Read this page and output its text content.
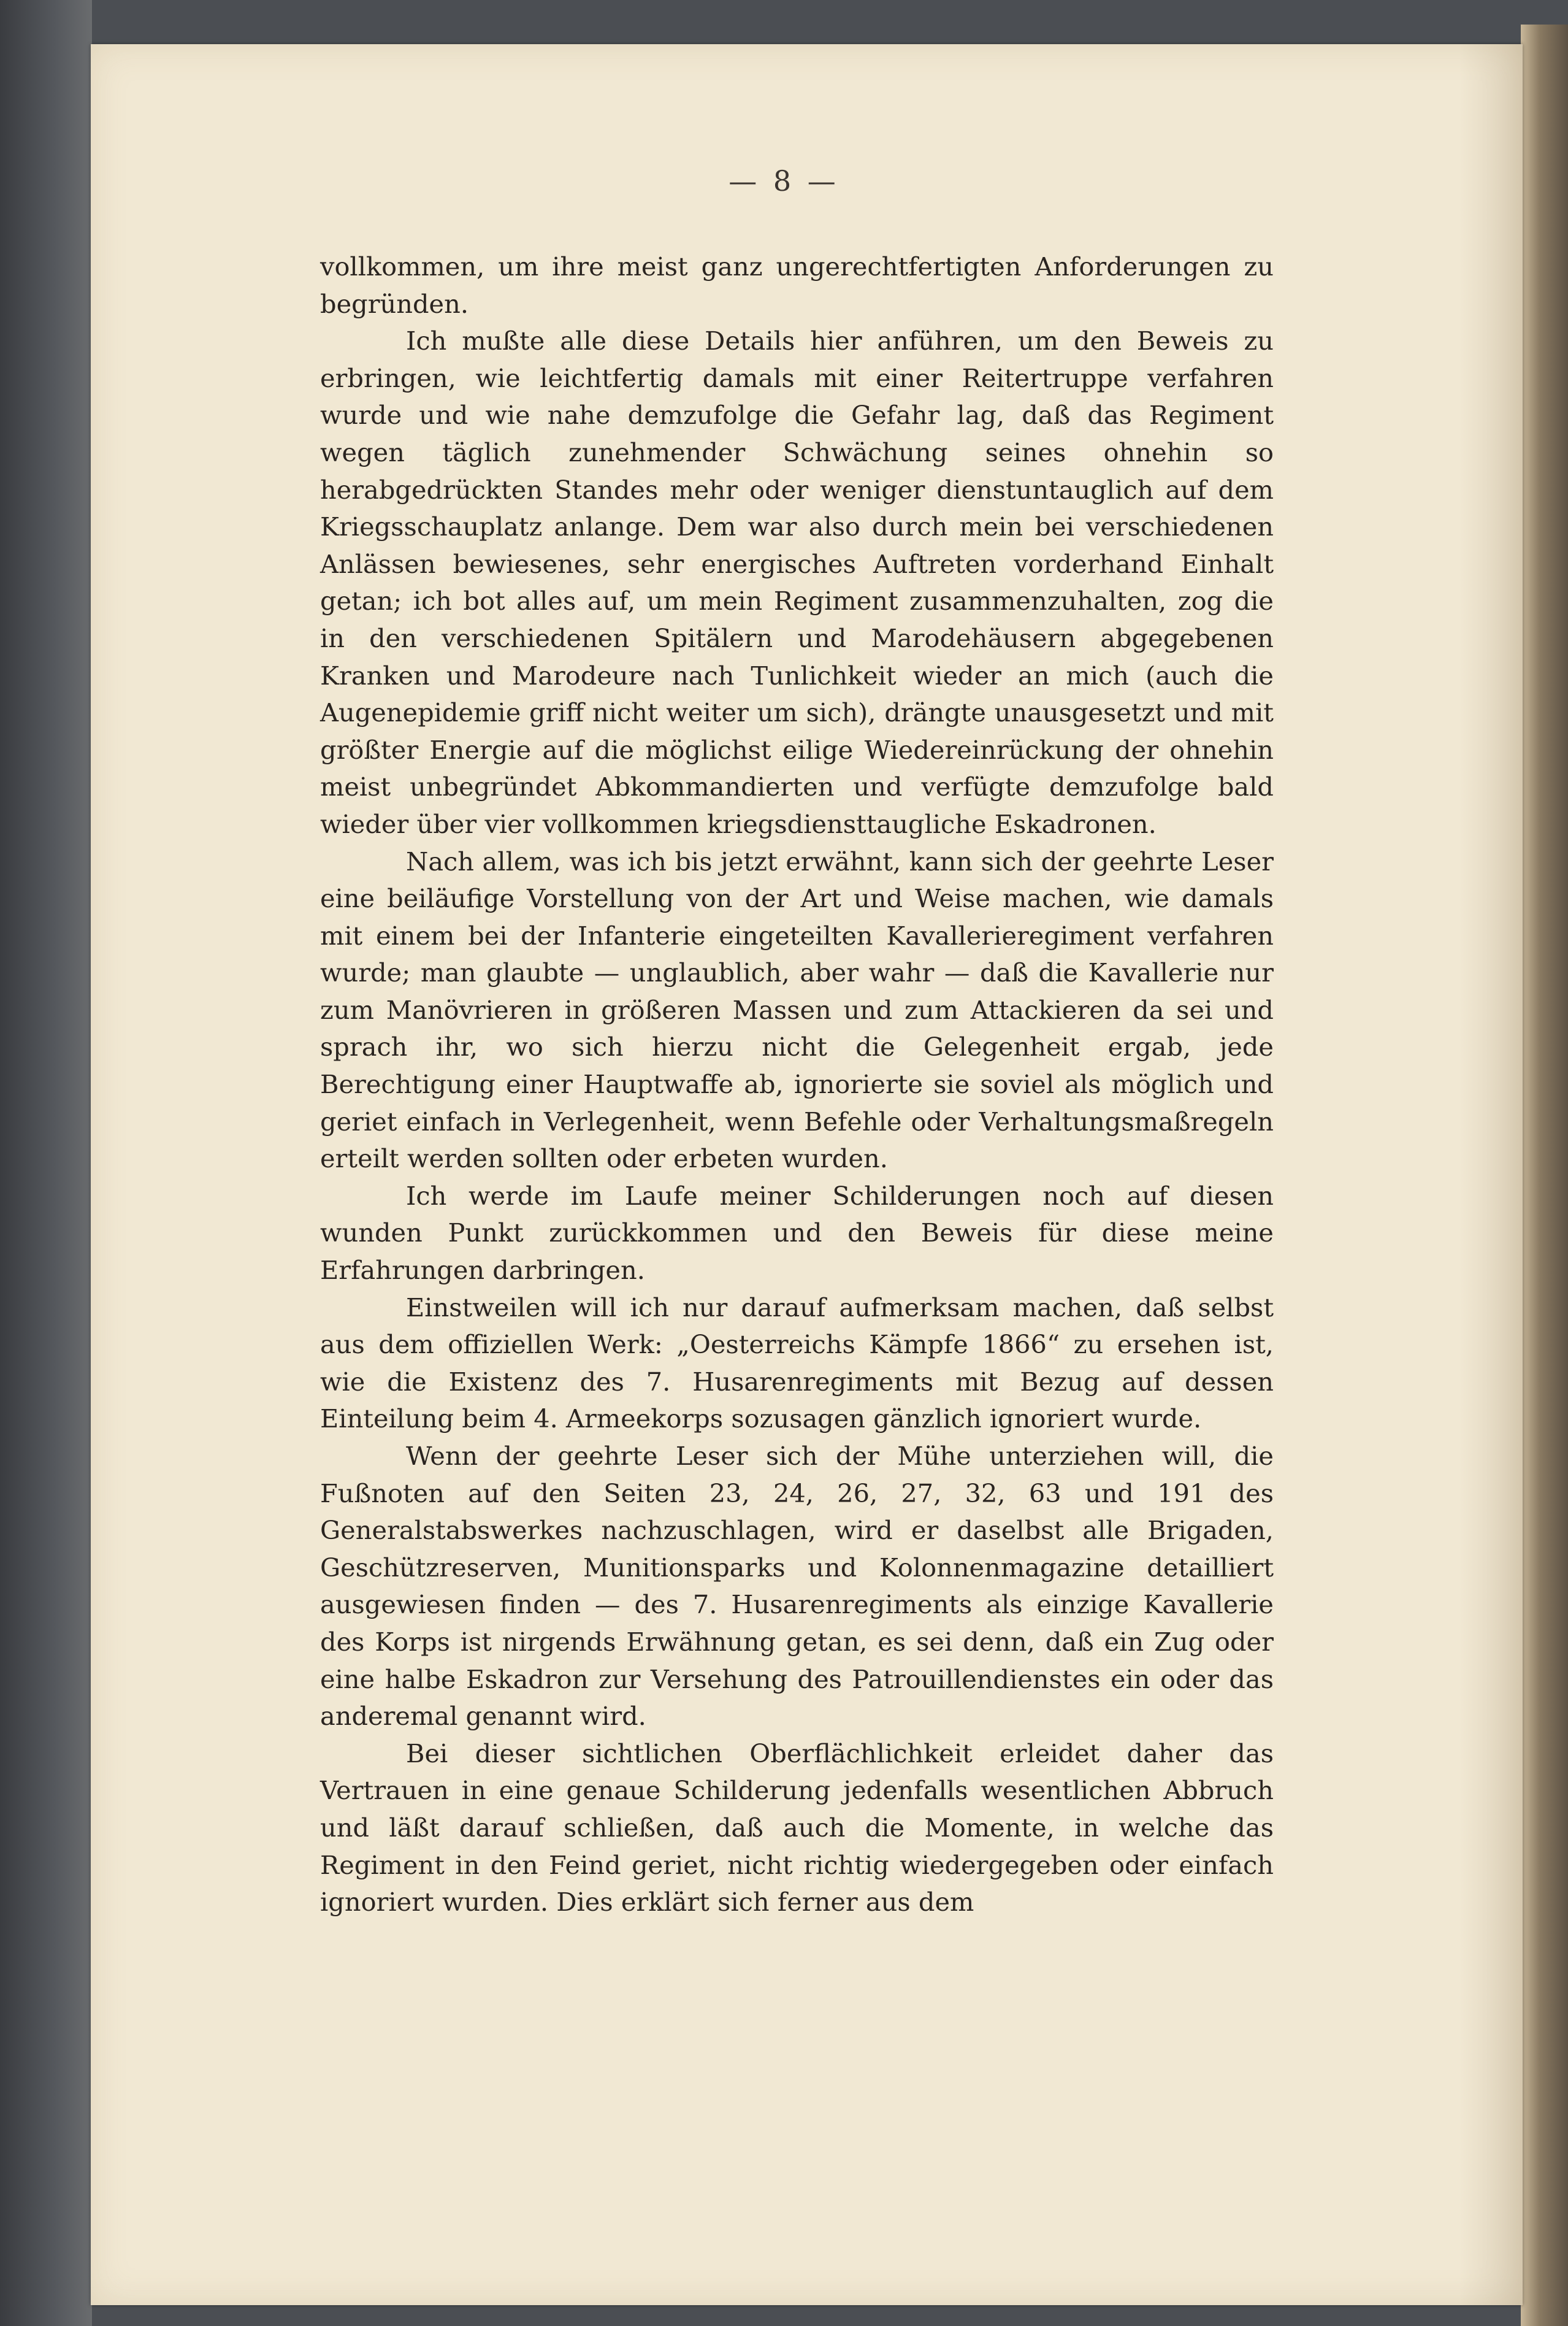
— 8 —

vollkommen, um ihre meist ganz ungerechtfertigten Anforderungen zu begründen.

Ich mußte alle diese Details hier anführen, um den Beweis zu erbringen, wie leichtfertig damals mit einer Reitertruppe verfahren wurde und wie nahe demzufolge die Gefahr lag, daß das Regiment wegen täglich zunehmender Schwächung seines ohnehin so herabgedrückten Standes mehr oder weniger dienstuntauglich auf dem Kriegsschauplatz anlange. Dem war also durch mein bei verschiedenen Anlässen bewiesenes, sehr energisches Auftreten vorderhand Einhalt getan; ich bot alles auf, um mein Regiment zusammenzuhalten, zog die in den verschiedenen Spitälern und Marodehäusern abgegebenen Kranken und Marodeure nach Tunlichkeit wieder an mich (auch die Augenepidemie griff nicht weiter um sich), drängte unausgesetzt und mit größter Energie auf die möglichst eilige Wiedereinrückung der ohnehin meist unbegründet Abkommandierten und verfügte demzufolge bald wieder über vier vollkommen kriegsdiensttaugliche Eskadronen.

Nach allem, was ich bis jetzt erwähnt, kann sich der geehrte Leser eine beiläufige Vorstellung von der Art und Weise machen, wie damals mit einem bei der Infanterie eingeteilten Kavallerieregiment verfahren wurde; man glaubte — unglaublich, aber wahr — daß die Kavallerie nur zum Manövrieren in größeren Massen und zum Attackieren da sei und sprach ihr, wo sich hierzu nicht die Gelegenheit ergab, jede Berechtigung einer Hauptwaffe ab, ignorierte sie soviel als möglich und geriet einfach in Verlegenheit, wenn Befehle oder Verhaltungsmaßregeln erteilt werden sollten oder erbeten wurden.

Ich werde im Laufe meiner Schilderungen noch auf diesen wunden Punkt zurückkommen und den Beweis für diese meine Erfahrungen darbringen.

Einstweilen will ich nur darauf aufmerksam machen, daß selbst aus dem offiziellen Werk: „Oesterreichs Kämpfe 1866“ zu ersehen ist, wie die Existenz des 7. Husarenregiments mit Bezug auf dessen Einteilung beim 4. Armeekorps sozusagen gänzlich ignoriert wurde.

Wenn der geehrte Leser sich der Mühe unterziehen will, die Fußnoten auf den Seiten 23, 24, 26, 27, 32, 63 und 191 des Generalstabswerkes nachzuschlagen, wird er daselbst alle Brigaden, Geschützreserven, Munitionsparks und Kolonnenmagazine detailliert ausgewiesen finden — des 7. Husarenregiments als einzige Kavallerie des Korps ist nirgends Erwähnung getan, es sei denn, daß ein Zug oder eine halbe Eskadron zur Versehung des Patrouillendienstes ein oder das anderemal genannt wird.

Bei dieser sichtlichen Oberflächlichkeit erleidet daher das Vertrauen in eine genaue Schilderung jedenfalls wesentlichen Abbruch und läßt darauf schließen, daß auch die Momente, in welche das Regiment in den Feind geriet, nicht richtig wiedergegeben oder einfach ignoriert wurden. Dies erklärt sich ferner aus dem
